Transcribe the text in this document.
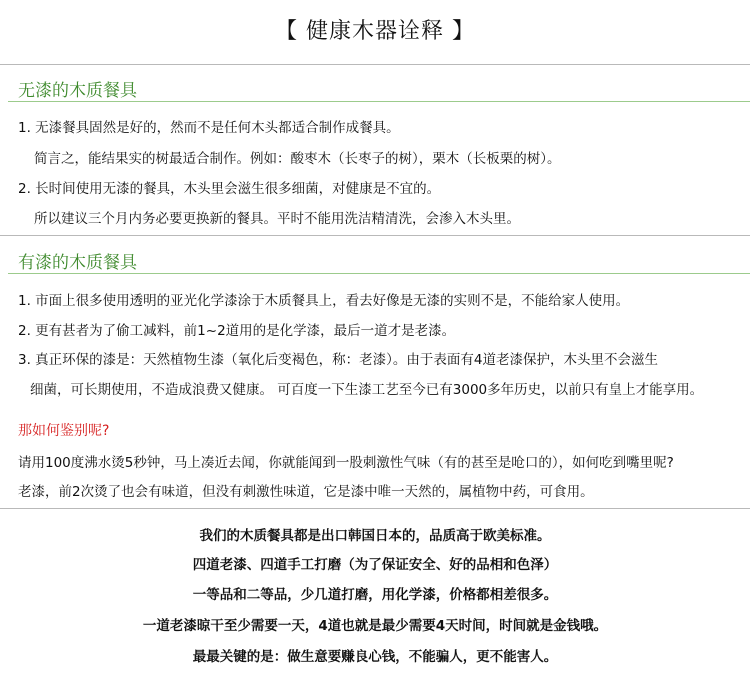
【 健康木器诠释 】
无漆的木质餐具
1. 无漆餐具固然是好的，然而不是任何木头都适合制作成餐具。
简言之，能结果实的树最适合制作。例如：酸枣木（长枣子的树），栗木（长板栗的树）。
2. 长时间使用无漆的餐具，木头里会滋生很多细菌，对健康是不宜的。
所以建议三个月内务必要更换新的餐具。平时不能用洗洁精清洗，会渗入木头里。
有漆的木质餐具
1. 市面上很多使用透明的亚光化学漆涂于木质餐具上，看去好像是无漆的实则不是，不能给家人使用。
2. 更有甚者为了偷工减料，前1~2道用的是化学漆，最后一道才是老漆。
3. 真正环保的漆是：天然植物生漆（氧化后变褐色，称：老漆）。由于表面有4道老漆保护，木头里不会滋生
细菌，可长期使用，不造成浪费又健康。 可百度一下生漆工艺至今已有3000多年历史，以前只有皇上才能享用。
那如何鉴别呢?
请用100度沸水烫5秒钟，马上凑近去闻，你就能闻到一股刺激性气味（有的甚至是呛口的），如何吃到嘴里呢?
老漆，前2次烫了也会有味道，但没有刺激性味道，它是漆中唯一天然的，属植物中药，可食用。
我们的木质餐具都是出口韩国日本的，品质高于欧美标准。
四道老漆、四道手工打磨（为了保证安全、好的品相和色泽）
一等品和二等品，少几道打磨，用化学漆，价格都相差很多。
一道老漆晾干至少需要一天，4道也就是最少需要4天时间，时间就是金钱哦。
最最关键的是：做生意要赚良心钱，不能骗人，更不能害人。
